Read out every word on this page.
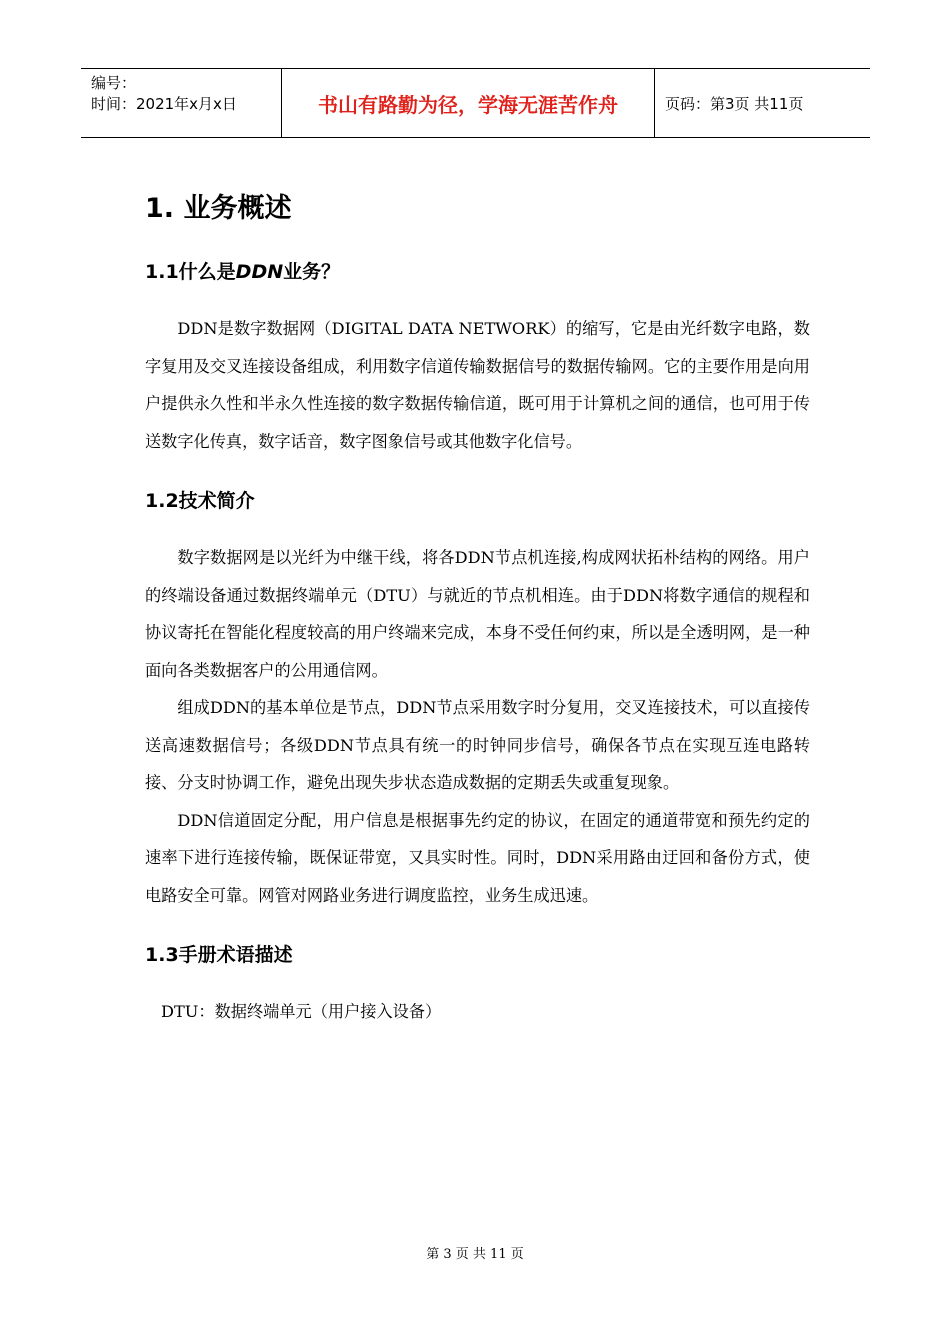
编号：
时间：2021年x月x日	书山有路勤为径，学海无涯苦作舟	页码：第3页 共11页
1. 业务概述
1.1什么是DDN业务？

DDN是数字数据网（DIGITAL DATA NETWORK）的缩写，它是由光纤数字电路，数字复用及交叉连接设备组成，利用数字信道传输数据信号的数据传输网。它的主要作用是向用户提供永久性和半永久性连接的数字数据传输信道，既可用于计算机之间的通信，也可用于传送数字化传真，数字话音，数字图象信号或其他数字化信号。

1.2技术简介

数字数据网是以光纤为中继干线，将各DDN节点机连接,构成网状拓朴结构的网络。用户的终端设备通过数据终端单元（DTU）与就近的节点机相连。由于DDN将数字通信的规程和协议寄托在智能化程度较高的用户终端来完成，本身不受任何约束，所以是全透明网，是一种面向各类数据客户的公用通信网。

组成DDN的基本单位是节点，DDN节点采用数字时分复用，交叉连接技术，可以直接传送高速数据信号；各级DDN节点具有统一的时钟同步信号，确保各节点在实现互连电路转接、分支时协调工作，避免出现失步状态造成数据的定期丢失或重复现象。

DDN信道固定分配，用户信息是根据事先约定的协议，在固定的通道带宽和预先约定的速率下进行连接传输，既保证带宽，又具实时性。同时，DDN采用路由迂回和备份方式，使电路安全可靠。网管对网路业务进行调度监控，业务生成迅速。

1.3手册术语描述
DTU：数据终端单元（用户接入设备）
第 3 页 共 11 页
